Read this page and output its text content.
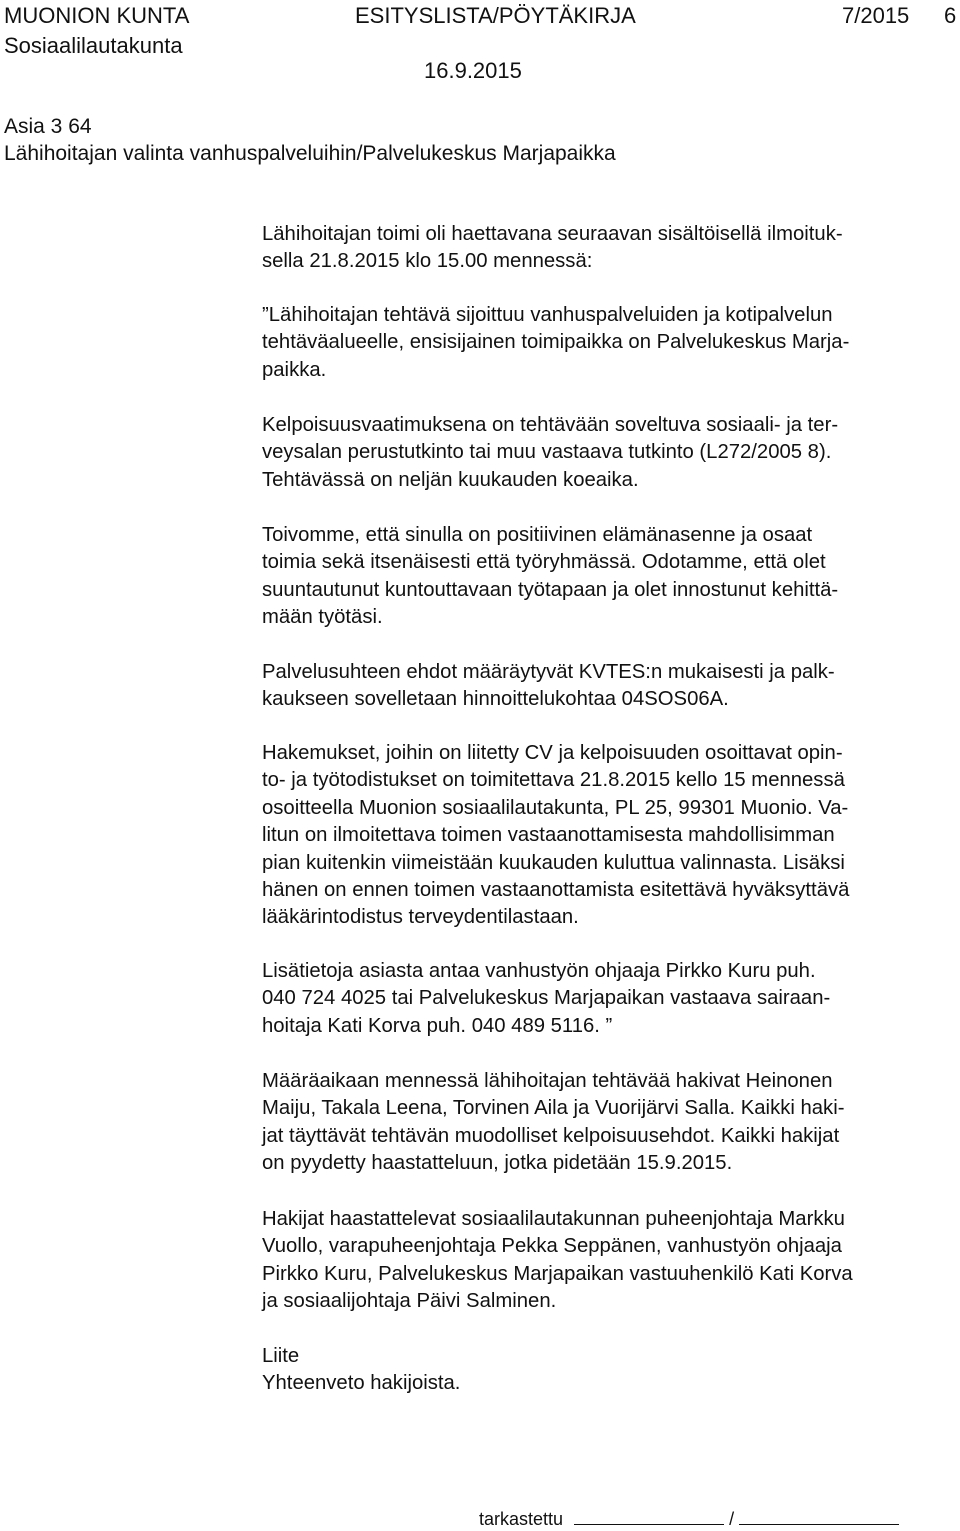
MUONION KUNTA	ESITYSLISTA/PÖYTÄKIRJA	7/2015 6
Sosiaalilautakunta
16.9.2015
Asia 3 64
Lähihoitajan valinta vanhuspalveluihin/Palvelukeskus Marjapaikka
Lähihoitajan toimi oli haettavana seuraavan sisältöisellä ilmoituk-
sella 21.8.2015 klo 15.00 mennessä:
”Lähihoitajan tehtävä sijoittuu vanhuspalveluiden ja kotipalvelun
tehtäväalueelle, ensisijainen toimipaikka on Palvelukeskus Marja-
paikka.
Kelpoisuusvaatimuksena on tehtävään soveltuva sosiaali- ja ter-
veysalan perustutkinto tai muu vastaava tutkinto (L272/2005 8).
Tehtävässä on neljän kuukauden koeaika.
Toivomme, että sinulla on positiivinen elämänasenne ja osaat
toimia sekä itsenäisesti että työryhmässä. Odotamme, että olet
suuntautunut kuntouttavaan työtapaan ja olet innostunut kehittä-
mään työtäsi.
Palvelusuhteen ehdot määräytyvät KVTES:n mukaisesti ja palk-
kaukseen sovelletaan hinnoittelukohtaa 04SOS06A.
Hakemukset, joihin on liitetty CV ja kelpoisuuden osoittavat opin-
to- ja työtodistukset on toimitettava 21.8.2015 kello 15 mennessä
osoitteella Muonion sosiaalilautakunta, PL 25, 99301 Muonio. Va-
litun on ilmoitettava toimen vastaanottamisesta mahdollisimman
pian kuitenkin viimeistään kuukauden kuluttua valinnasta. Lisäksi
hänen on ennen toimen vastaanottamista esitettävä hyväksyttävä
lääkärintodistus terveydentilastaan.
Lisätietoja asiasta antaa vanhustyön ohjaaja Pirkko Kuru puh.
040 724 4025 tai Palvelukeskus Marjapaikan vastaava sairaan-
hoitaja Kati Korva puh. 040 489 5116. ”
Määräaikaan mennessä lähihoitajan tehtävää hakivat Heinonen
Maiju, Takala Leena, Torvinen Aila ja Vuorijärvi Salla. Kaikki haki-
jat täyttävät tehtävän muodolliset kelpoisuusehdot. Kaikki hakijat
on pyydetty haastatteluun, jotka pidetään 15.9.2015.
Hakijat haastattelevat sosiaalilautakunnan puheenjohtaja Markku
Vuollo, varapuheenjohtaja Pekka Seppänen, vanhustyön ohjaaja
Pirkko Kuru, Palvelukeskus Marjapaikan vastuuhenkilö Kati Korva
ja sosiaalijohtaja Päivi Salminen.
Liite
Yhteenveto hakijoista.
tarkastettu	/
